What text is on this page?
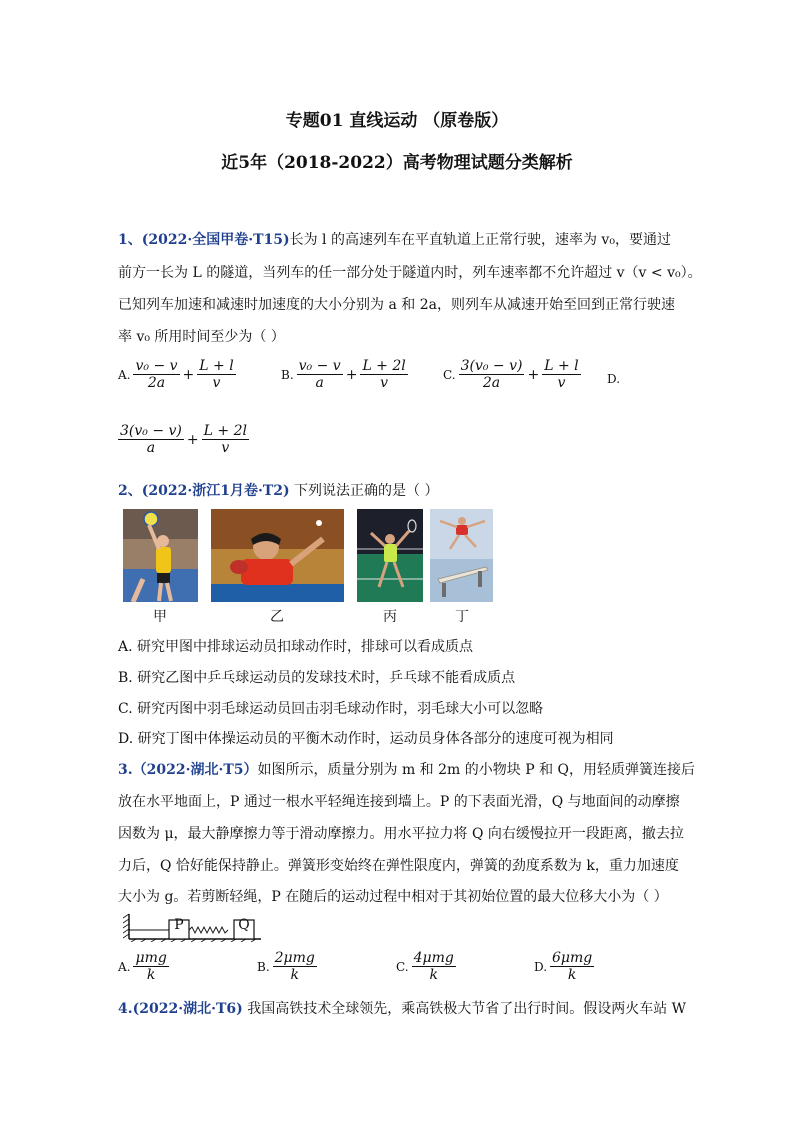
专题01 直线运动 （原卷版）
近5年（2018-2022）高考物理试题分类解析
1、(2022·全国甲卷·T15)长为 l 的高速列车在平直轨道上正常行驶，速率为 v₀，要通过
前方一长为 L 的隧道，当列车的任一部分处于隧道内时，列车速率都不允许超过 v（v < v₀）。
已知列车加速和减速时加速度的大小分别为 a 和 2a，则列车从减速开始至回到正常行驶速
率 v₀ 所用时间至少为（ ）
A. $\frac{\text{v₀ − v}}{2a} + \frac{L + l}{v}$	B. $\frac{\text{v₀ − v}}{a} + \frac{L + 2l}{v}$	C. $\frac{\text{3(v₀ − v)}}{2a} + \frac{L + l}{v} D$.
$\frac{\text{3(v₀ − v)}}{a} + \frac{L + 2l}{v}$
2、(2022·浙江1月卷·T2) 下列说法正确的是（ ）
甲	乙	丙	丁
A. 研究甲图中排球运动员扣球动作时，排球可以看成质点
B. 研究乙图中乒乓球运动员的发球技术时，乒乓球不能看成质点
C. 研究丙图中羽毛球运动员回击羽毛球动作时，羽毛球大小可以忽略
D. 研究丁图中体操运动员的平衡木动作时，运动员身体各部分的速度可视为相同
3.（2022·湖北·T5）如图所示，质量分别为 m 和 2m 的小物块 P 和 Q，用轻质弹簧连接后
放在水平地面上，P 通过一根水平轻绳连接到墙上。P 的下表面光滑，Q 与地面间的动摩擦
因数为 μ，最大静摩擦力等于滑动摩擦力。用水平拉力将 Q 向右缓慢拉开一段距离，撤去拉
力后，Q 恰好能保持静止。弹簧形变始终在弹性限度内，弹簧的劲度系数为 k，重力加速度
大小为 g。若剪断轻绳，P 在随后的运动过程中相对于其初始位置的最大位移大小为（ ）
P	Q
A. $\frac{\text{μmg}}{k}$	B. $\frac{\text{2μmg}}{k}$	C. $\frac{\text{4μmg}}{k}$	D. $\frac{\text{6μmg}}{k}$
4.(2022·湖北·T6) 我国高铁技术全球领先，乘高铁极大节省了出行时间。假设两火车站 W
